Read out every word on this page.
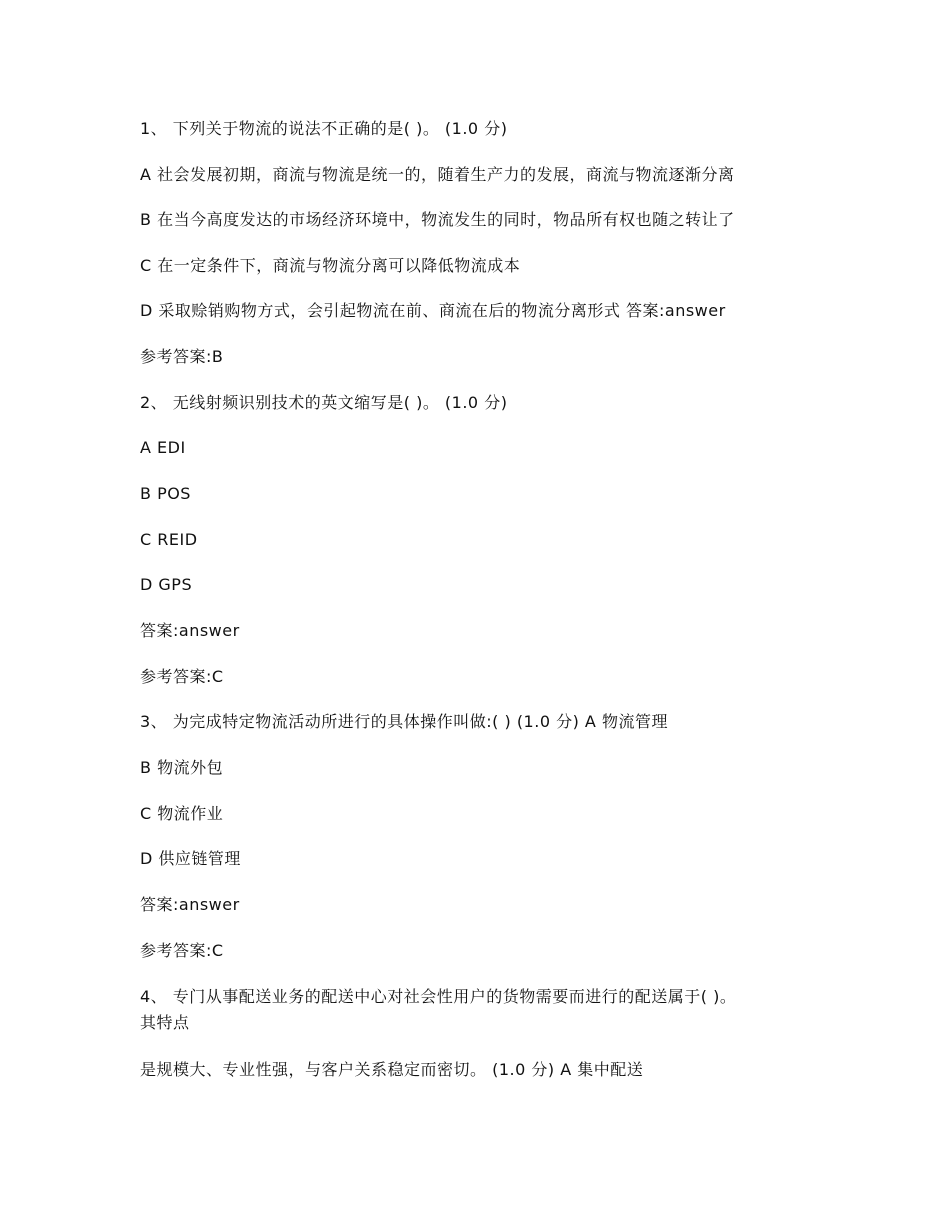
1、 下列关于物流的说法不正确的是( )。 (1.0 分)
A 社会发展初期，商流与物流是统一的，随着生产力的发展，商流与物流逐渐分离
B 在当今高度发达的市场经济环境中，物流发生的同时，物品所有权也随之转让了
C 在一定条件下，商流与物流分离可以降低物流成本
D 采取赊销购物方式，会引起物流在前、商流在后的物流分离形式 答案:answer
参考答案:B
2、 无线射频识别技术的英文缩写是( )。 (1.0 分)
A EDI
B POS
C REID
D GPS
答案:answer
参考答案:C
3、 为完成特定物流活动所进行的具体操作叫做:( ) (1.0 分) A 物流管理
B 物流外包
C 物流作业
D 供应链管理
答案:answer
参考答案:C
4、 专门从事配送业务的配送中心对社会性用户的货物需要而进行的配送属于( )。
其特点
是规模大、专业性强，与客户关系稳定而密切。 (1.0 分) A 集中配送
